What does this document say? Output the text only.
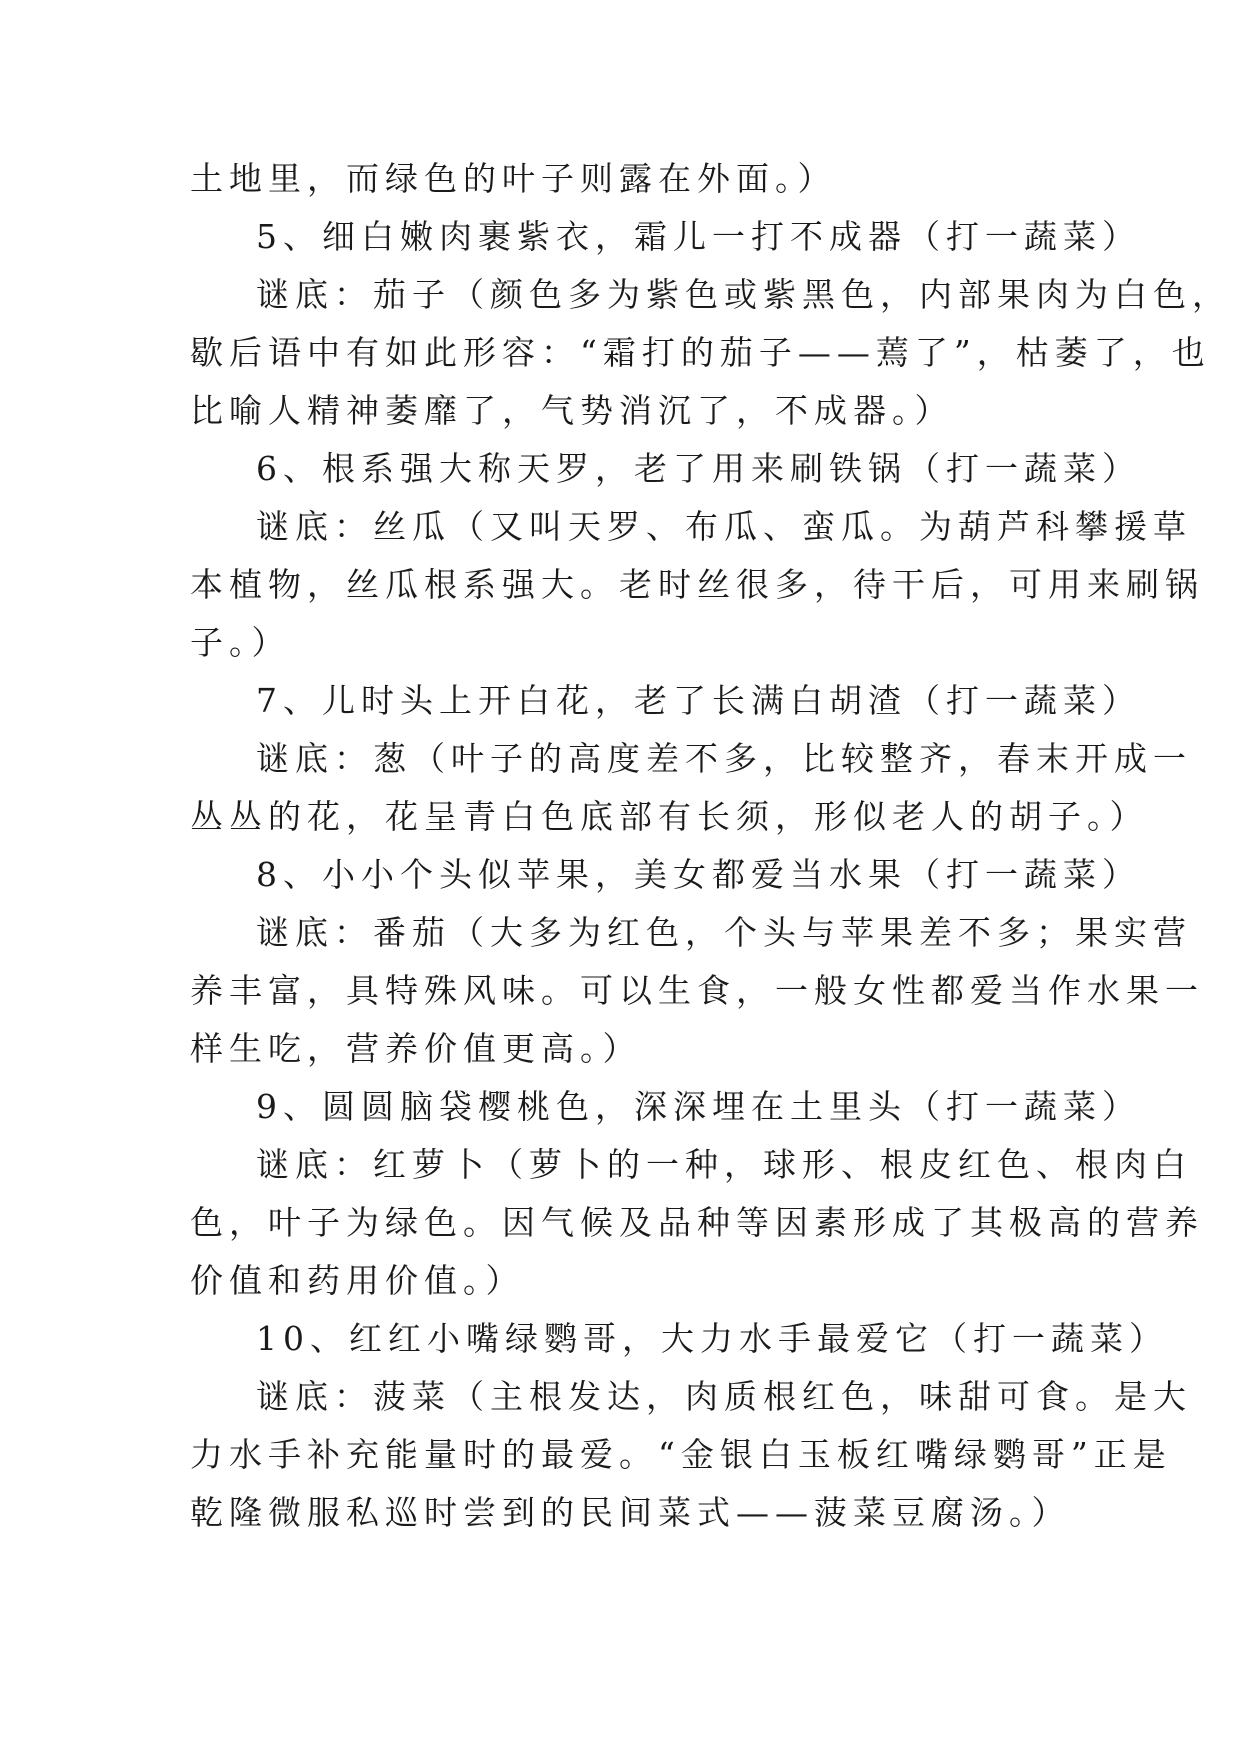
土地里，而绿色的叶子则露在外面。）
5、细白嫩肉裹紫衣，霜儿一打不成器（打一蔬菜）
谜底：茄子（颜色多为紫色或紫黑色，内部果肉为白色，
歇后语中有如此形容：“霜打的茄子——蔫了”，枯萎了，也
比喻人精神萎靡了，气势消沉了，不成器。）
6、根系强大称天罗，老了用来刷铁锅（打一蔬菜）
谜底：丝瓜（又叫天罗、布瓜、蛮瓜。为葫芦科攀援草
本植物，丝瓜根系强大。老时丝很多，待干后，可用来刷锅
子。）
7、儿时头上开白花，老了长满白胡渣（打一蔬菜）
谜底：葱（叶子的高度差不多，比较整齐，春末开成一
丛丛的花，花呈青白色底部有长须，形似老人的胡子。）
8、小小个头似苹果，美女都爱当水果（打一蔬菜）
谜底：番茄（大多为红色，个头与苹果差不多；果实营
养丰富，具特殊风味。可以生食，一般女性都爱当作水果一
样生吃，营养价值更高。）
9、圆圆脑袋樱桃色，深深埋在土里头（打一蔬菜）
谜底：红萝卜（萝卜的一种，球形、根皮红色、根肉白
色，叶子为绿色。因气候及品种等因素形成了其极高的营养
价值和药用价值。）
10、红红小嘴绿鹦哥，大力水手最爱它（打一蔬菜）
谜底：菠菜（主根发达，肉质根红色，味甜可食。是大
力水手补充能量时的最爱。“金银白玉板红嘴绿鹦哥”正是
乾隆微服私巡时尝到的民间菜式——菠菜豆腐汤。）
